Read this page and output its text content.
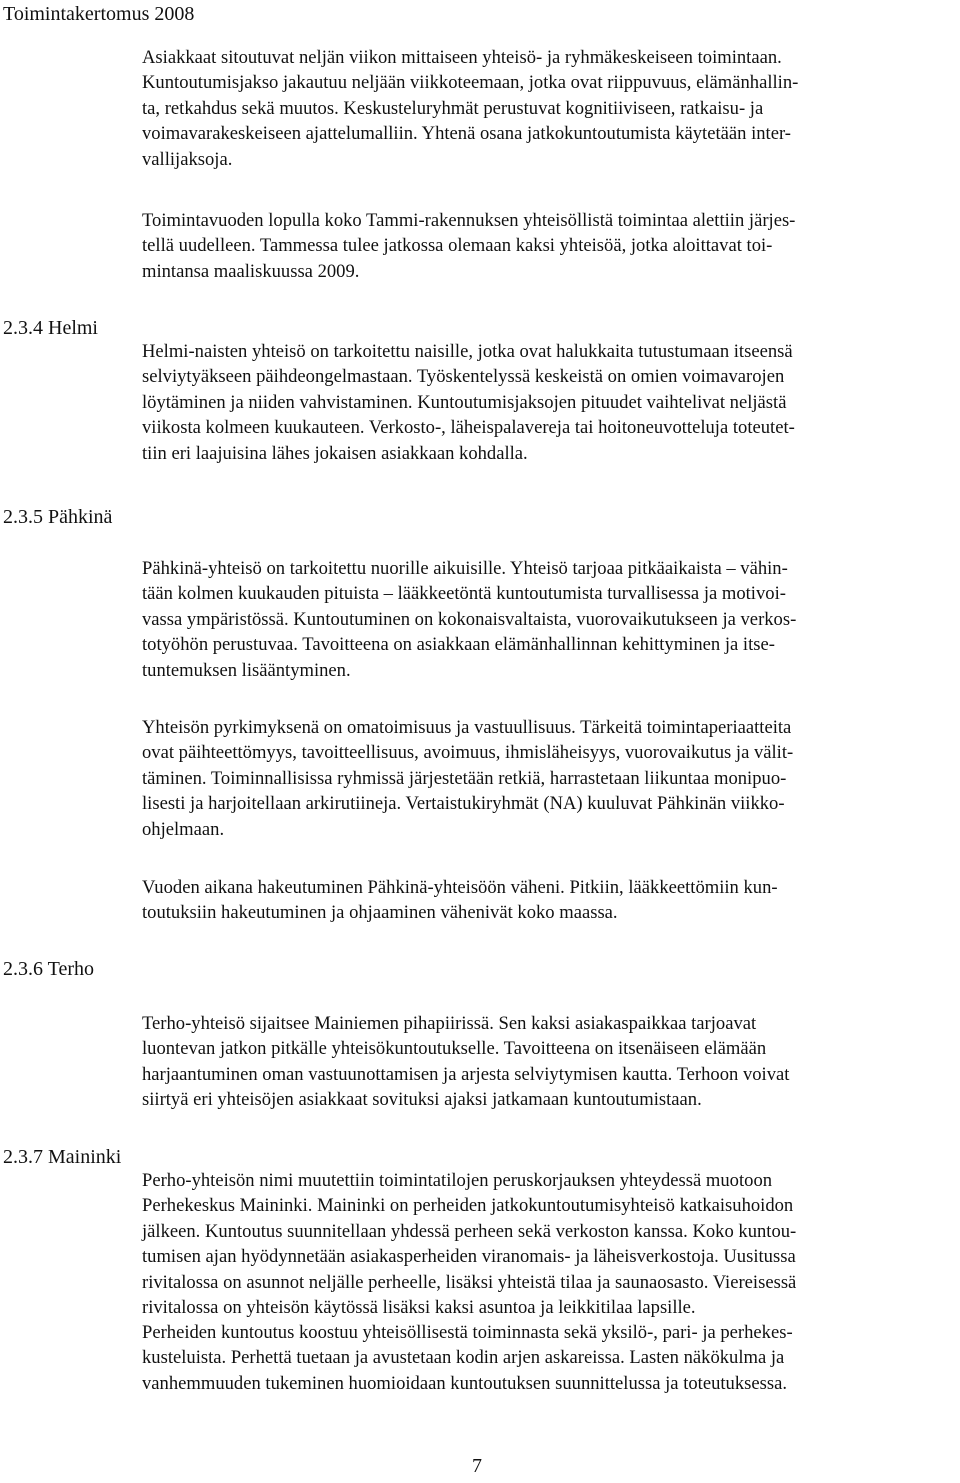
Toimintakertomus 2008
Asiakkaat sitoutuvat neljän viikon mittaiseen yhteisö- ja ryhmäkeskeiseen toimintaan.
Kuntoutumisjakso jakautuu neljään viikkoteemaan, jotka ovat riippuvuus, elämänhallin-
ta, retkahdus sekä muutos. Keskusteluryhmät perustuvat kognitiiviseen, ratkaisu- ja
voimavarakeskeiseen ajattelumalliin. Yhtenä osana jatkokuntoutumista käytetään inter-
vallijaksoja.
Toimintavuoden lopulla koko Tammi-rakennuksen yhteisöllistä toimintaa alettiin järjes-
tellä uudelleen. Tammessa tulee jatkossa olemaan kaksi yhteisöä, jotka aloittavat toi-
mintansa maaliskuussa 2009.
2.3.4 Helmi
Helmi-naisten yhteisö on tarkoitettu naisille, jotka ovat halukkaita tutustumaan itseensä
selviytyäkseen päihdeongelmastaan. Työskentelyssä keskeistä on omien voimavarojen
löytäminen ja niiden vahvistaminen. Kuntoutumisjaksojen pituudet vaihtelivat neljästä
viikosta kolmeen kuukauteen. Verkosto-, läheispalavereja tai hoitoneuvotteluja toteutet-
tiin eri laajuisina lähes jokaisen asiakkaan kohdalla.
2.3.5 Pähkinä
Pähkinä-yhteisö on tarkoitettu nuorille aikuisille. Yhteisö tarjoaa pitkäaikaista – vähin-
tään kolmen kuukauden pituista – lääkkeetöntä kuntoutumista turvallisessa ja motivoi-
vassa ympäristössä. Kuntoutuminen on kokonaisvaltaista, vuorovaikutukseen ja verkos-
totyöhön perustuvaa. Tavoitteena on asiakkaan elämänhallinnan kehittyminen ja itse-
tuntemuksen lisääntyminen.
Yhteisön pyrkimyksenä on omatoimisuus ja vastuullisuus. Tärkeitä toimintaperiaatteita
ovat päihteettömyys, tavoitteellisuus, avoimuus, ihmisläheisyys, vuorovaikutus ja välit-
täminen. Toiminnallisissa ryhmissä järjestetään retkiä, harrastetaan liikuntaa monipuo-
lisesti ja harjoitellaan arkirutiineja. Vertaistukiryhmät (NA) kuuluvat Pähkinän viikko-
ohjelmaan.
Vuoden aikana hakeutuminen Pähkinä-yhteisöön väheni. Pitkiin, lääkkeettömiin kun-
toutuksiin hakeutuminen ja ohjaaminen vähenivät koko maassa.
2.3.6 Terho
Terho-yhteisö sijaitsee Mainiemen pihapiirissä. Sen kaksi asiakaspaikkaa tarjoavat
luontevan jatkon pitkälle yhteisökuntoutukselle. Tavoitteena on itsenäiseen elämään
harjaantuminen oman vastuunottamisen ja arjesta selviytymisen kautta. Terhoon voivat
siirtyä eri yhteisöjen asiakkaat sovituksi ajaksi jatkamaan kuntoutumistaan.
2.3.7 Maininki
Perho-yhteisön nimi muutettiin toimintatilojen peruskorjauksen yhteydessä muotoon
Perhekeskus Maininki. Maininki on perheiden jatkokuntoutumisyhteisö katkaisuhoidon
jälkeen. Kuntoutus suunnitellaan yhdessä perheen sekä verkoston kanssa. Koko kuntou-
tumisen ajan hyödynnetään asiakasperheiden viranomais- ja läheisverkostoja. Uusitussa
rivitalossa on asunnot neljälle perheelle, lisäksi yhteistä tilaa ja saunaosasto. Viereisessä
rivitalossa on yhteisön käytössä lisäksi kaksi asuntoa ja leikkitilaa lapsille.
Perheiden kuntoutus koostuu yhteisöllisestä toiminnasta sekä yksilö-, pari- ja perhekes-
kusteluista. Perhettä tuetaan ja avustetaan kodin arjen askareissa. Lasten näkökulma ja
vanhemmuuden tukeminen huomioidaan kuntoutuksen suunnittelussa ja toteutuksessa.
7
